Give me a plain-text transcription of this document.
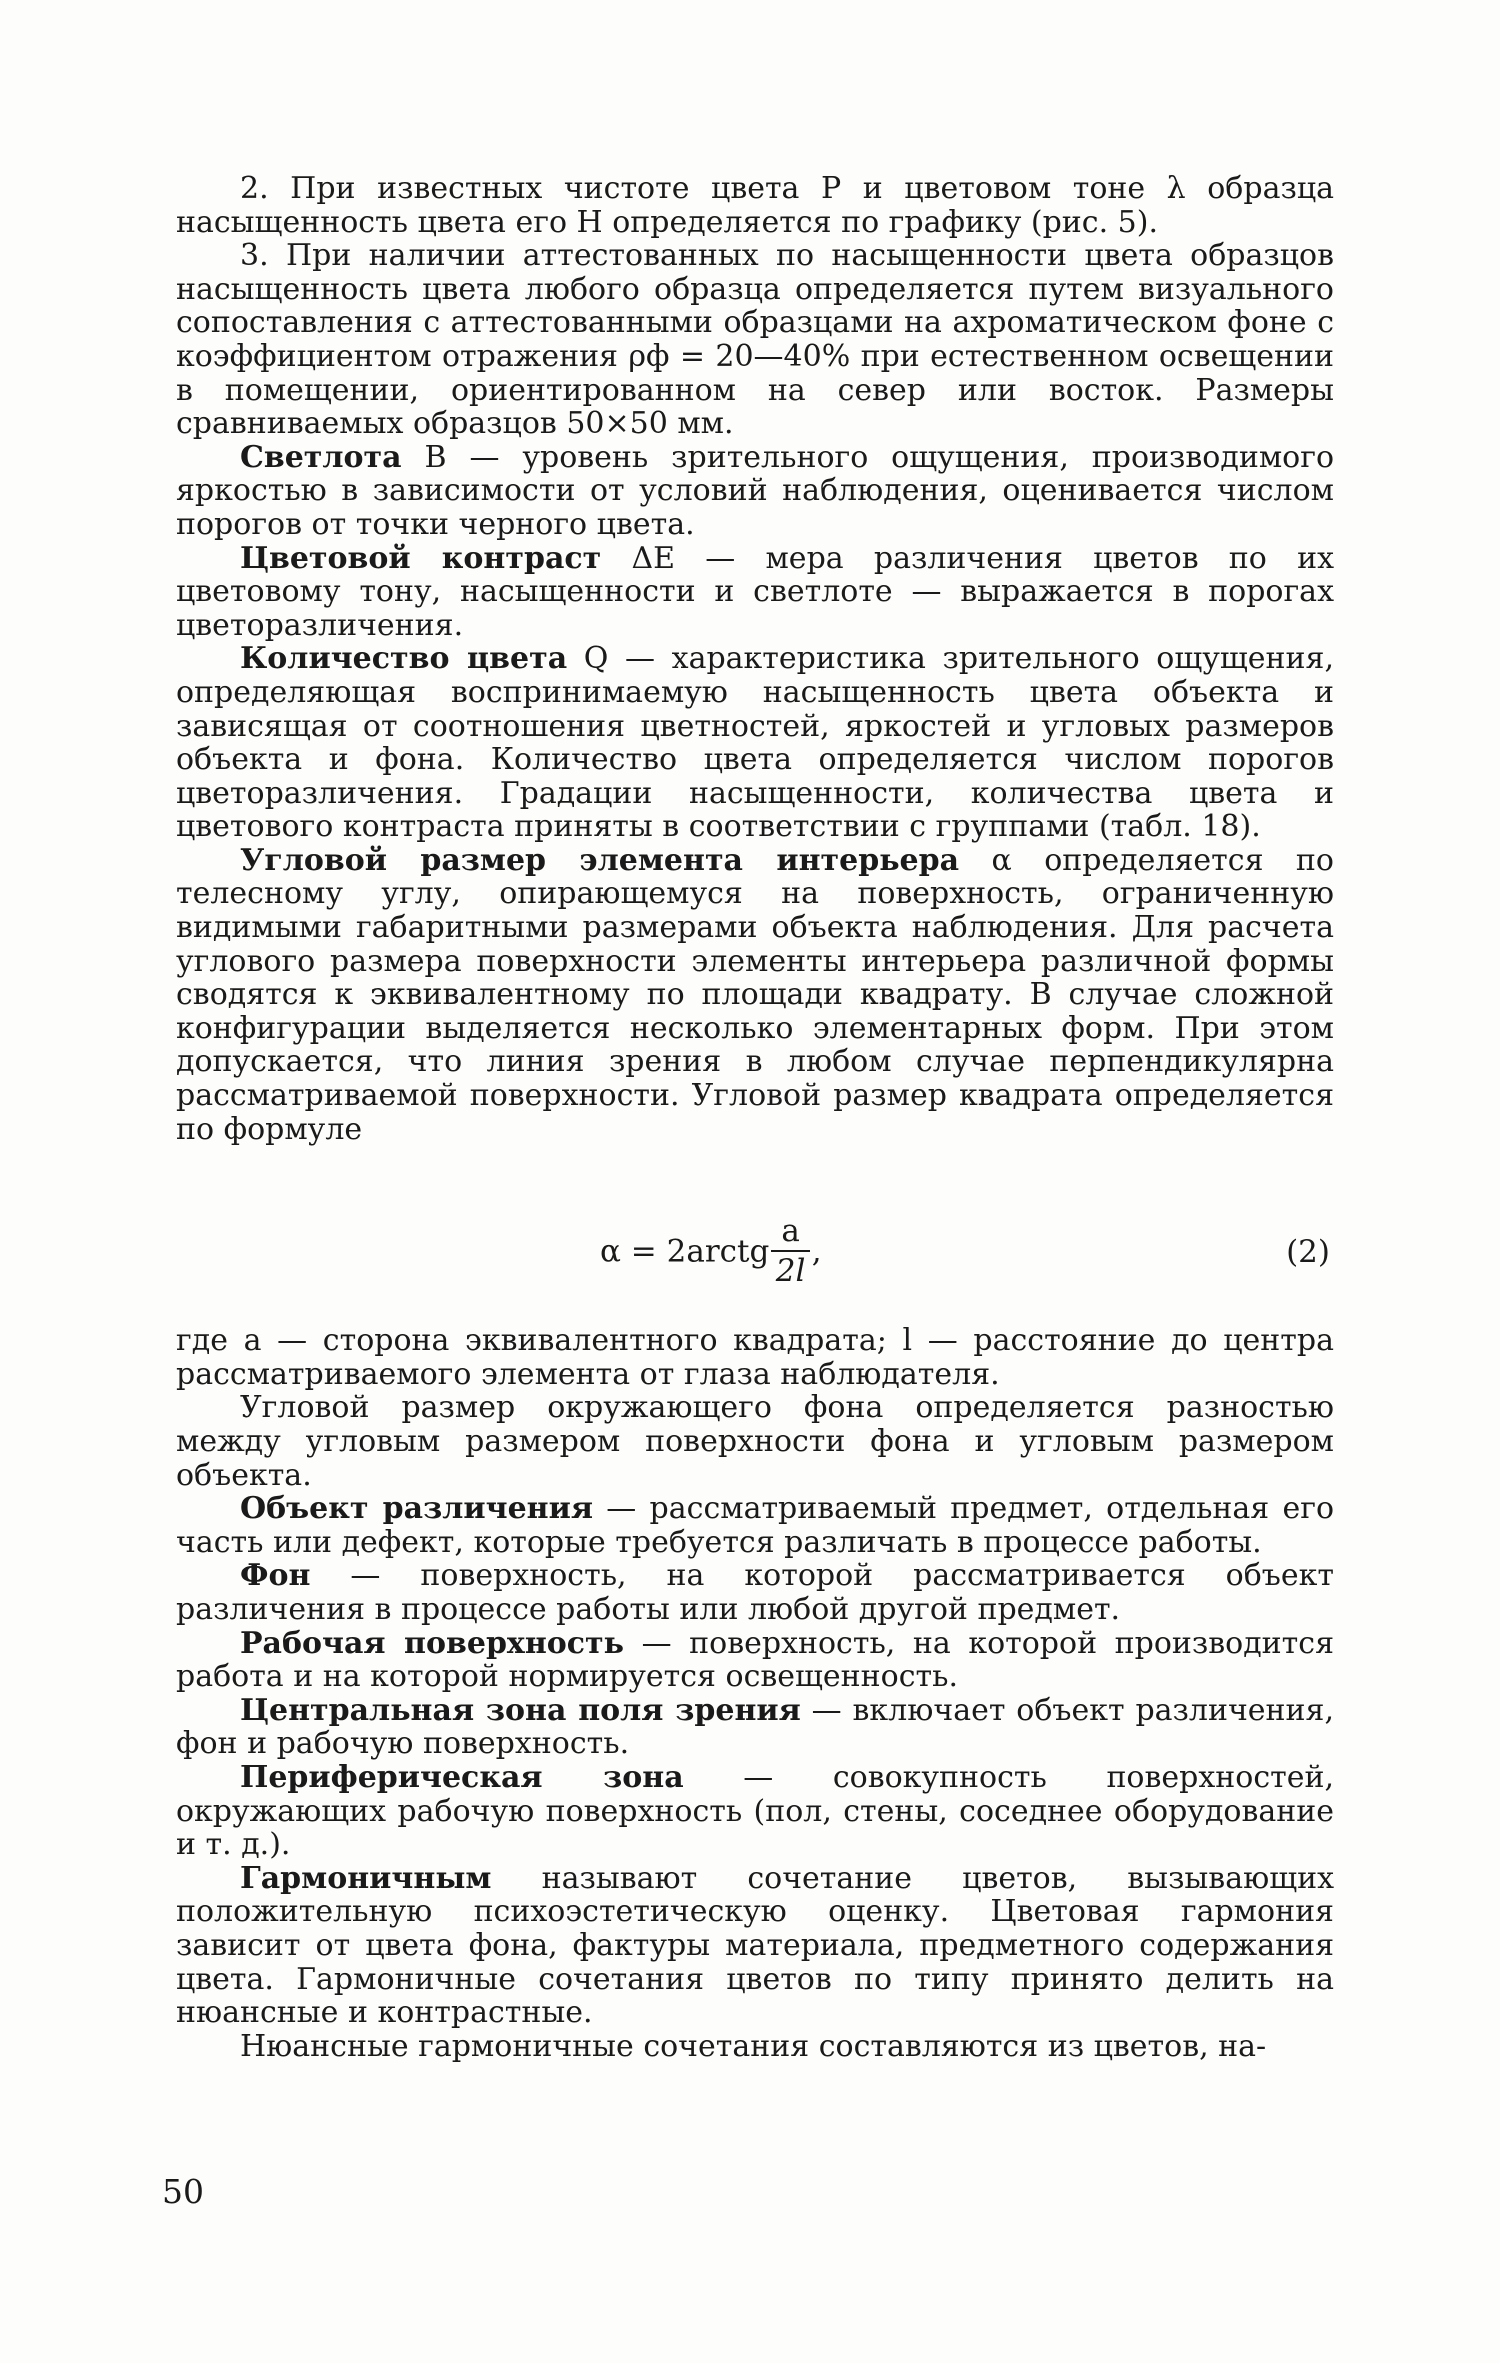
2. При известных чистоте цвета P и цветовом тоне λ образца насыщенность цвета его H определяется по графику (рис. 5).

3. При наличии аттестованных по насыщенности цвета образцов насыщенность цвета любого образца определяется путем визуального сопоставления с аттестованными образцами на ахроматическом фоне с коэффициентом отражения ρф = 20—40% при естественном освещении в помещении, ориентированном на север или восток. Размеры сравниваемых образцов 50×50 мм.

Светлота B — уровень зрительного ощущения, производимого яркостью в зависимости от условий наблюдения, оценивается числом порогов от точки черного цвета.

Цветовой контраст ΔE — мера различения цветов по их цветовому тону, насыщенности и светлоте — выражается в порогах цветоразличения.

Количество цвета Q — характеристика зрительного ощущения, определяющая воспринимаемую насыщенность цвета объекта и зависящая от соотношения цветностей, яркостей и угловых размеров объекта и фона. Количество цвета определяется числом порогов цветоразличения. Градации насыщенности, количества цвета и цветового контраста приняты в соответствии с группами (табл. 18).

Угловой размер элемента интерьера α определяется по телесному углу, опирающемуся на поверхность, ограниченную видимыми габаритными размерами объекта наблюдения. Для расчета углового размера поверхности элементы интерьера различной формы сводятся к эквивалентному по площади квадрату. В случае сложной конфигурации выделяется несколько элементарных форм. При этом допускается, что линия зрения в любом случае перпендикулярна рассматриваемой поверхности. Угловой размер квадрата определяется по формуле

α = 2arctg $\frac{a}{2l}$ ,	(2)

где a — сторона эквивалентного квадрата; l — расстояние до центра рассматриваемого элемента от глаза наблюдателя.

Угловой размер окружающего фона определяется разностью между угловым размером поверхности фона и угловым размером объекта.

Объект различения — рассматриваемый предмет, отдельная его часть или дефект, которые требуется различать в процессе работы.

Фон — поверхность, на которой рассматривается объект различения в процессе работы или любой другой предмет.

Рабочая поверхность — поверхность, на которой производится работа и на которой нормируется освещенность.

Центральная зона поля зрения — включает объект различения, фон и рабочую поверхность.

Периферическая зона — совокупность поверхностей, окружающих рабочую поверхность (пол, стены, соседнее оборудование и т. д.).

Гармоничным называют сочетание цветов, вызывающих положительную психоэстетическую оценку. Цветовая гармония зависит от цвета фона, фактуры материала, предметного содержания цвета. Гармоничные сочетания цветов по типу принято делить на нюансные и контрастные.

Нюансные гармоничные сочетания составляются из цветов, на-

50
